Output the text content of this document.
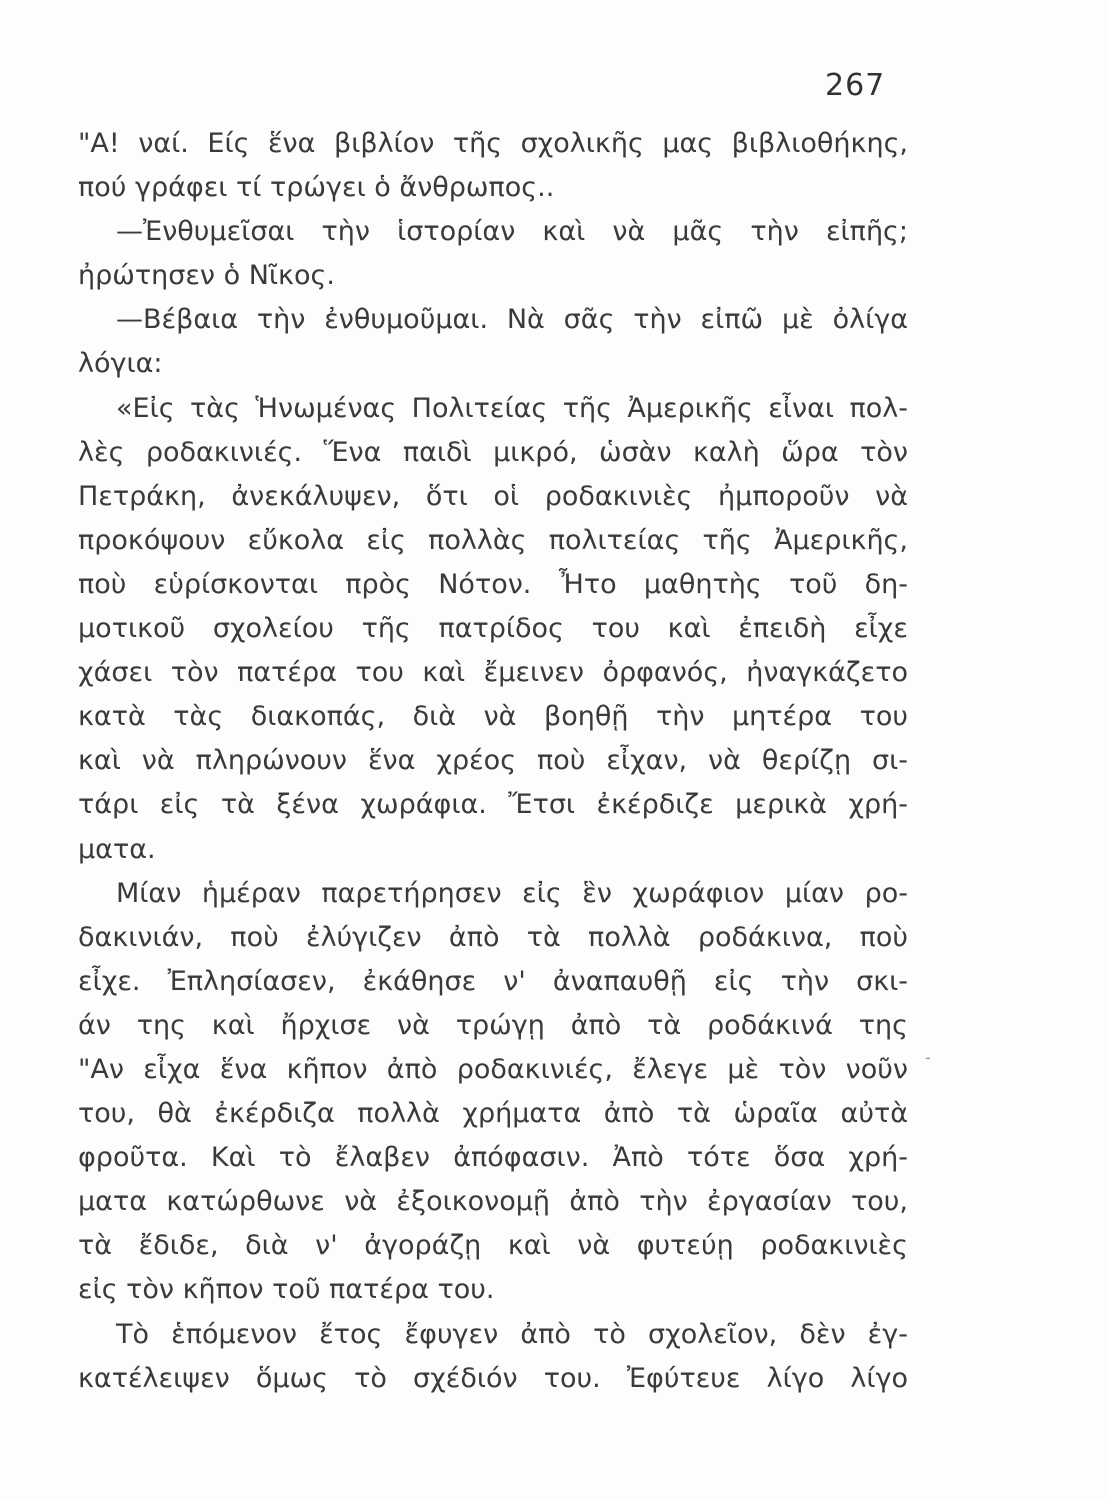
267
"Α! ναί. Είς ἕνα βιβλίον τῆς σχολικῆς μας βιβλιοθήκης,
πού γράφει τί τρώγει ὁ ἄνθρωπος..
—Ἐνθυμεῖσαι τὴν ἱστορίαν καὶ νὰ μᾶς τὴν εἰπῆς;
ἠρώτησεν ὁ Νῖκος.
—Βέβαια τὴν ἐνθυμοῦμαι. Νὰ σᾶς τὴν εἰπῶ μὲ ὀλίγα
λόγια:
«Εἰς τὰς Ἡνωμένας Πολιτείας τῆς Ἀμερικῆς εἶναι πολ-
λὲς ροδακινιές. Ἕνα παιδὶ μικρό, ὡσὰν καλὴ ὥρα τὸν
Πετράκη, ἀνεκάλυψεν, ὅτι οἱ ροδακινιὲς ἠμποροῦν νὰ
προκόψουν εὔκολα εἰς πολλὰς πολιτείας τῆς Ἀμερικῆς,
ποὺ εὑρίσκονται πρὸς Νότον. Ἦτο μαθητὴς τοῦ δη-
μοτικοῦ σχολείου τῆς πατρίδος του καὶ ἐπειδὴ εἶχε
χάσει τὸν πατέρα του καὶ ἔμεινεν ὀρφανός, ἠναγκάζετο
κατὰ τὰς διακοπάς, διὰ νὰ βοηθῇ τὴν μητέρα του
καὶ νὰ πληρώνουν ἕνα χρέος ποὺ εἶχαν, νὰ θερίζῃ σι-
τάρι εἰς τὰ ξένα χωράφια. Ἔτσι ἐκέρδιζε μερικὰ χρή-
ματα.
Μίαν ἡμέραν παρετήρησεν εἰς ἓν χωράφιον μίαν ρο-
δακινιάν, ποὺ ἐλύγιζεν ἀπὸ τὰ πολλὰ ροδάκινα, ποὺ
εἶχε. Ἐπλησίασεν, ἐκάθησε ν' ἀναπαυθῇ εἰς τὴν σκι-
άν της καὶ ἤρχισε νὰ τρώγῃ ἀπὸ τὰ ροδάκινά της
"Αν εἶχα ἕνα κῆπον ἀπὸ ροδακινιές, ἔλεγε μὲ τὸν νοῦν
του, θὰ ἐκέρδιζα πολλὰ χρήματα ἀπὸ τὰ ὡραῖα αὐτὰ
φροῦτα. Καὶ τὸ ἔλαβεν ἀπόφασιν. Ἀπὸ τότε ὅσα χρή-
ματα κατώρθωνε νὰ ἐξοικονομῇ ἀπὸ τὴν ἐργασίαν του,
τὰ ἔδιδε, διὰ ν' ἀγοράζῃ καὶ νὰ φυτεύῃ ροδακινιὲς
εἰς τὸν κῆπον τοῦ πατέρα του.
Τὸ ἑπόμενον ἔτος ἔφυγεν ἀπὸ τὸ σχολεῖον, δὲν ἐγ-
κατέλειψεν ὅμως τὸ σχέδιόν του. Ἐφύτευε λίγο λίγο
‐
